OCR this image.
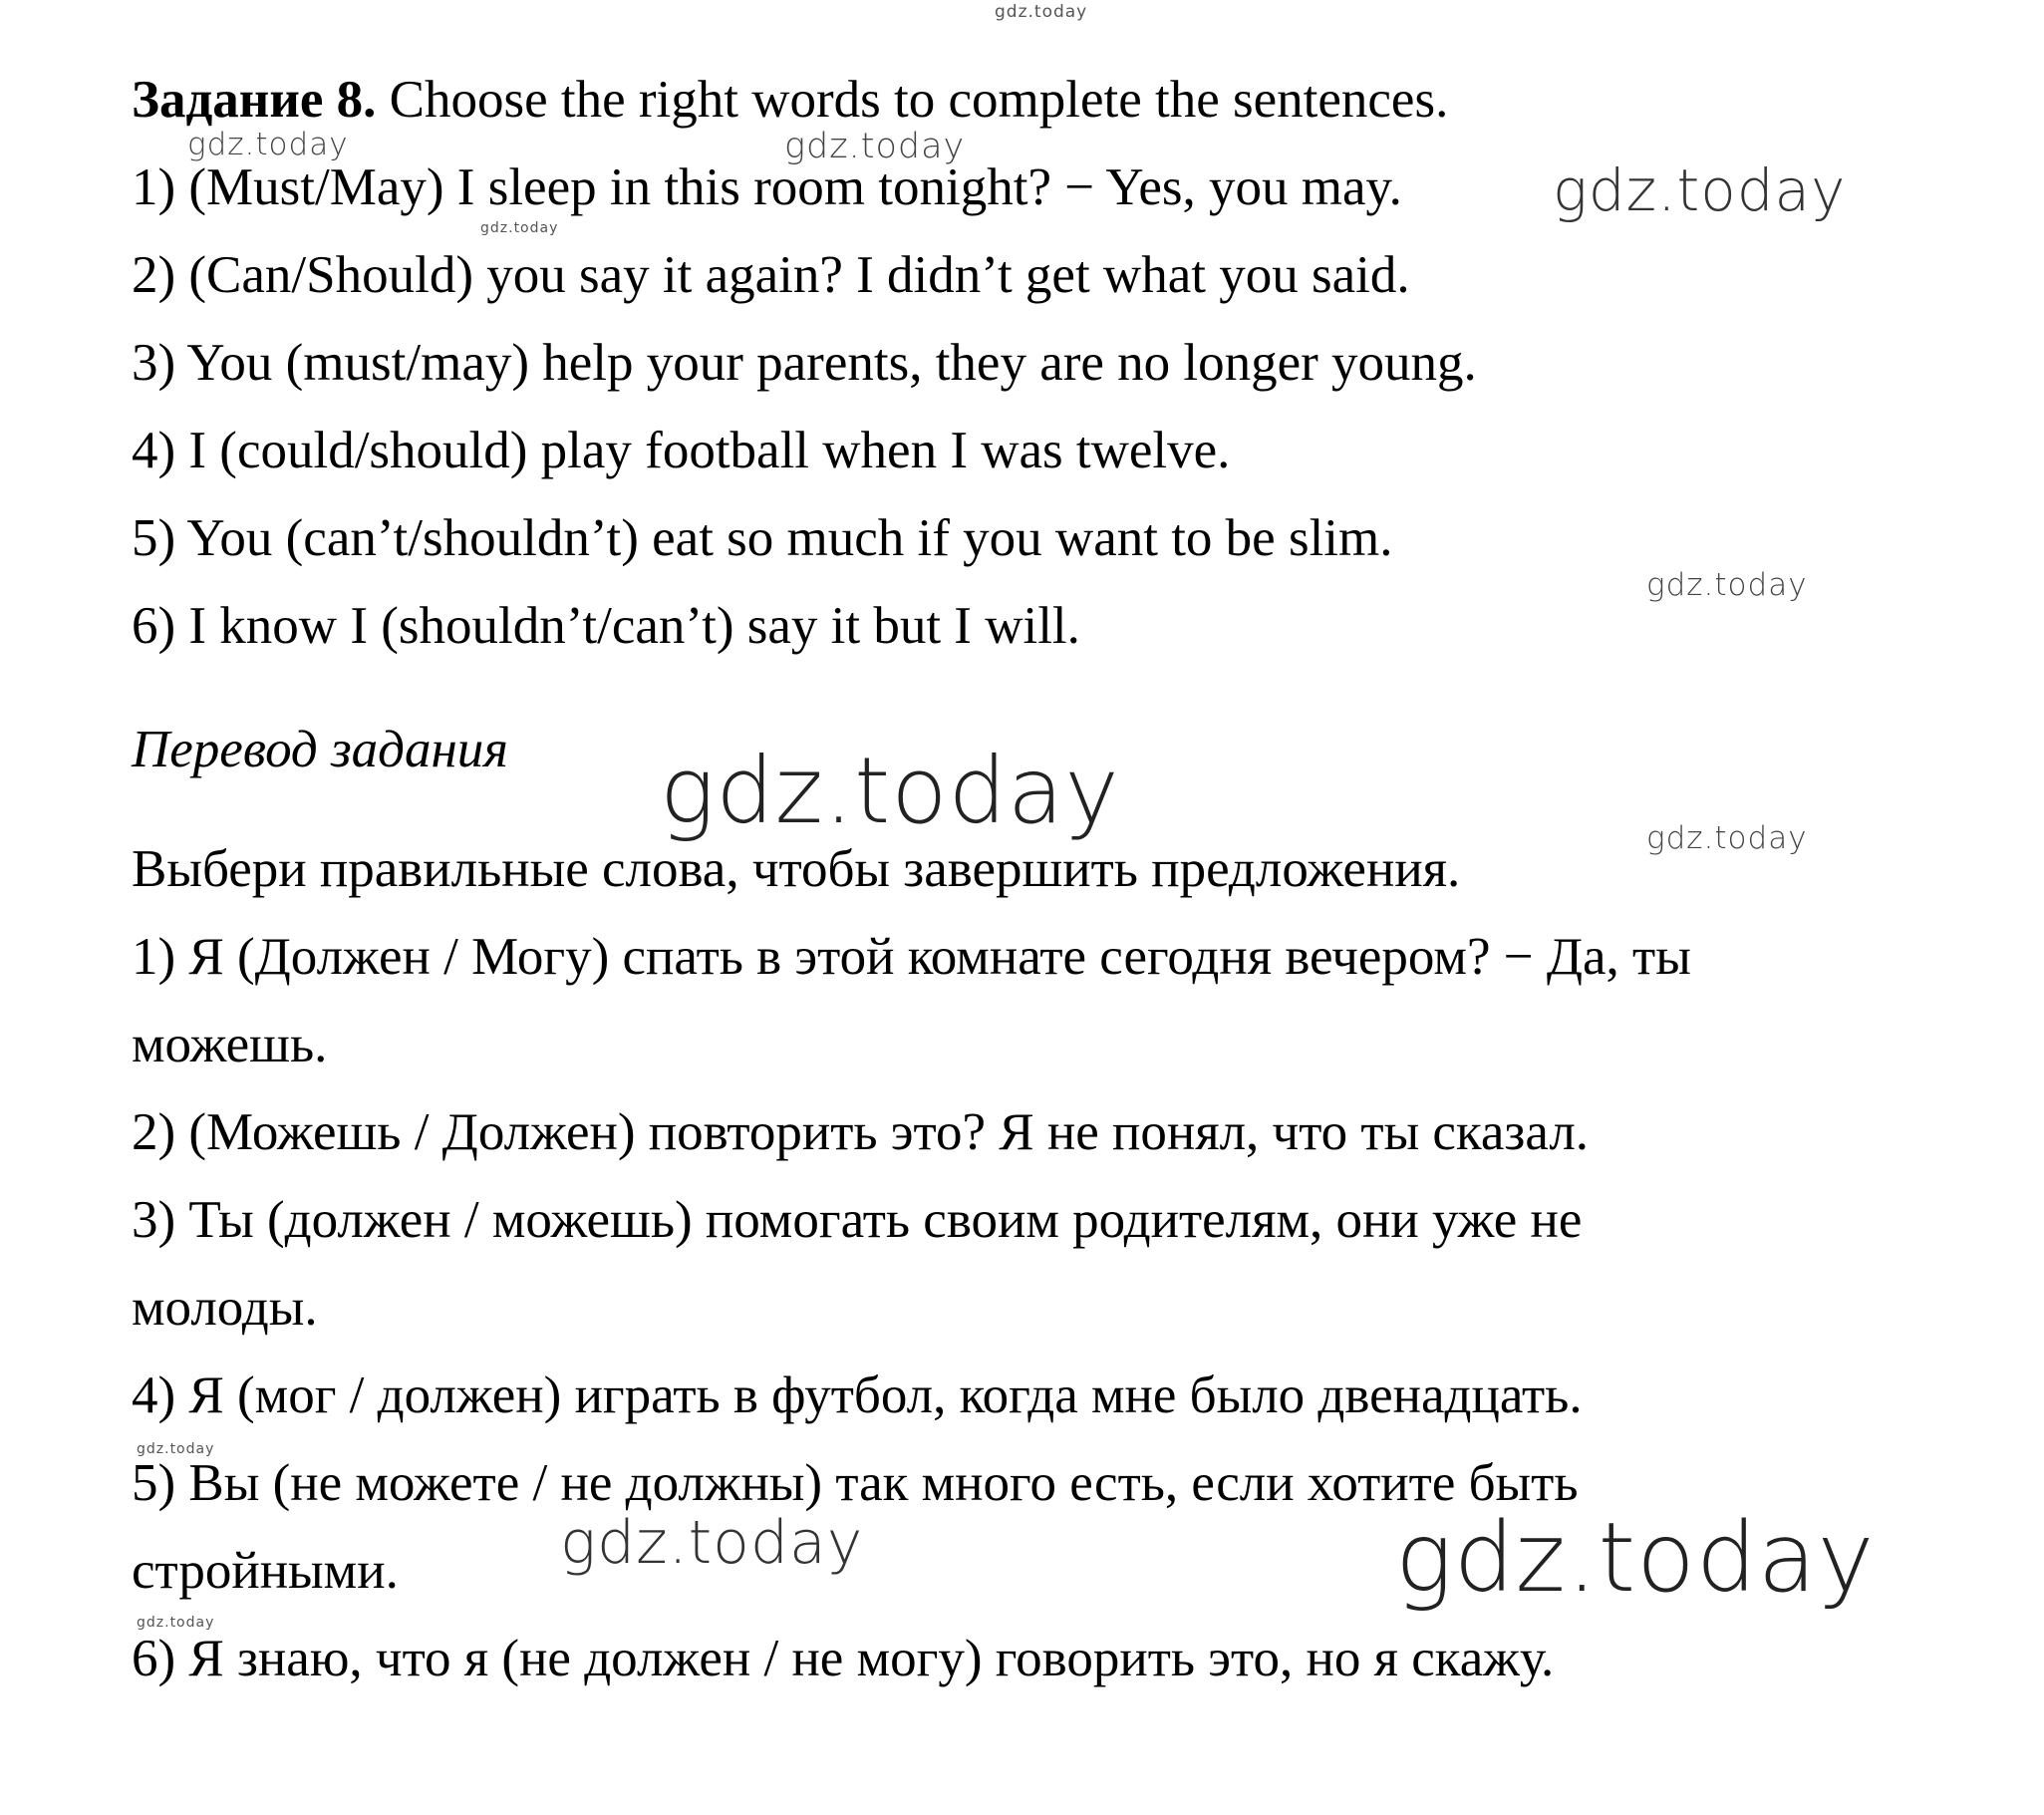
Задание 8. Choose the right words to complete the sentences.

1) (Must/May) I sleep in this room tonight? − Yes, you may.

2) (Can/Should) you say it again? I didn’t get what you said.

3) You (must/may) help your parents, they are no longer young.

4) I (could/should) play football when I was twelve.

5) You (can’t/shouldn’t) eat so much if you want to be slim.

6) I know I (shouldn’t/can’t) say it but I will.

Перевод задания

Выбери правильные слова, чтобы завершить предложения.

1) Я (Должен / Могу) спать в этой комнате сегодня вечером? − Да, ты

можешь.

2) (Можешь / Должен) повторить это? Я не понял, что ты сказал.

3) Ты (должен / можешь) помогать своим родителям, они уже не

молоды.

4) Я (мог / должен) играть в футбол, когда мне было двенадцать.

5) Вы (не можете / не должны) так много есть, если хотите быть

стройными.

6) Я знаю, что я (не должен / не могу) говорить это, но я скажу.

gdz.today
gdz.today	gdz.today
gdz.today
gdz.today
gdz.today
gdz.today	gdz.today
gdz.today
gdz.today	gdz.today
gdz.today
